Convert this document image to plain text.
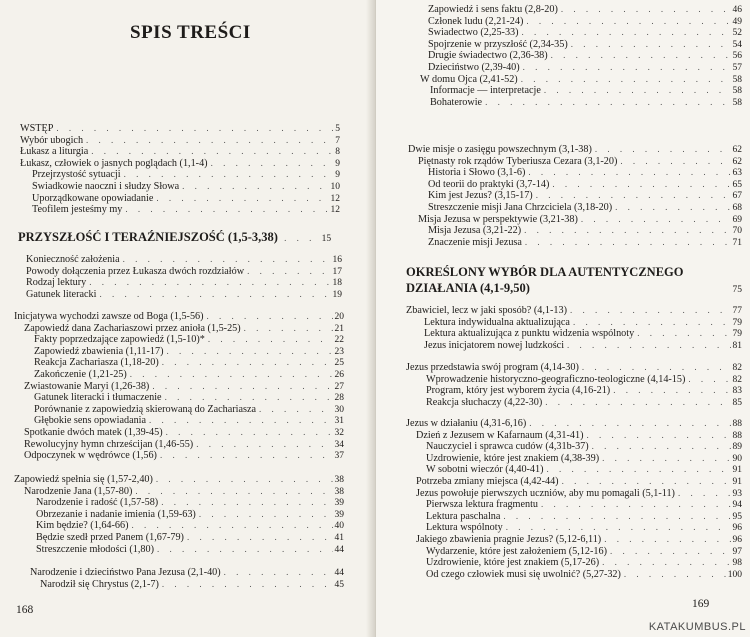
SPIS TREŚCI
WSTĘP . . .	5
Wybór ubogich . . .	7
Łukasz a liturgia . . .	8
Łukasz, człowiek o jasnych poglądach (1,1-4) . . .	9
Przejrzystość sytuacji . . .	9
Świadkowie naoczni i słudzy Słowa . . .	10
Uporządkowane opowiadanie . . .	12
Teofilem jesteśmy my . . .	12
PRZYSZŁOŚĆ I TERAŹNIEJSZOŚĆ (1,5-3,38) . . . 15
Konieczność założenia . . .	16
Powody dołączenia przez Łukasza dwóch rozdziałów . . .	17
Rodzaj lektury . . .	18
Gatunek literacki . . .	19
Inicjatywa wychodzi zawsze od Boga (1,5-56) . . .	20
Zapowiedź dana Zachariaszowi przez anioła (1,5-25) . . .	21
Fakty poprzedzające zapowiedź (1,5-10)* . . .	22
Zapowiedź zbawienia (1,11-17) . . .	23
Reakcja Zachariasza (1,18-20) . . .	25
Zakończenie (1,21-25) . . .	26
Zwiastowanie Maryi (1,26-38) . . .	27
Gatunek literacki i tłumaczenie . . .	28
Porównanie z zapowiedzią skierowaną do Zachariasza . . .	30
Głębokie sens opowiadania . . .	31
Spotkanie dwóch matek (1,39-45) . . .	32
Rewolucyjny hymn chrześcijan (1,46-55) . . .	34
Odpoczynek w wędrówce (1,56) . . .	37
Zapowiedź spełnia się (1,57-2,40) . . .	38
Narodzenie Jana (1,57-80) . . .	38
Narodzenie i radość (1,57-58) . . .	39
Obrzezanie i nadanie imienia (1,59-63) . . .	39
Kim będzie? (1,64-66) . . .	40
Będzie szedł przed Panem (1,67-79) . . .	41
Streszczenie młodości (1,80) . . .	44
Narodzenie i dzieciństwo Pana Jezusa (2,1-40) . . .	44
Narodził się Chrystus (2,1-7) . . .	45
168
Zapowiedź i sens faktu (2,8-20) . . .	46
Członek ludu (2,21-24) . . .	49
Świadectwo (2,25-33) . . .	52
Spojrzenie w przyszłość (2,34-35) . . .	54
Drugie świadectwo (2,36-38) . . .	56
Dzieciństwo (2,39-40) . . .	57
W domu Ojca (2,41-52) . . .	58
Informacje — interpretacje . . .	58
Bohaterowie . . .	58
Dwie misje o zasięgu powszechnym (3,1-38) . . .	62
Piętnasty rok rządów Tyberiusza Cezara (3,1-20) . . .	62
Historia i Słowo (3,1-6) . . .	63
Od teorii do praktyki (3,7-14) . . .	65
Kim jest Jezus? (3,15-17) . . .	67
Streszczenie misji Jana Chrzciciela (3,18-20) . . .	68
Misja Jezusa w perspektywie (3,21-38) . . .	69
Misja Jezusa (3,21-22) . . .	70
Znaczenie misji Jezusa . . .	71
OKREŚLONY WYBÓR DLA AUTENTYCZNEGO
DZIAŁANIA (4,1-9,50)	75
Zbawiciel, lecz w jaki sposób? (4,1-13) . . .	77
Lektura indywidualna aktualizująca . . .	79
Lektura aktualizująca z punktu widzenia wspólnoty . . .	79
Jezus inicjatorem nowej ludzkości . . .	81
Jezus przedstawia swój program (4,14-30) . . .	82
Wprowadzenie historyczno-geograficzno-teologiczne (4,14-15) . . .	82
Program, który jest wyborem życia (4,16-21) . . .	83
Reakcja słuchaczy (4,22-30) . . .	85
Jezus w działaniu (4,31-6,16) . . .	88
Dzień z Jezusem w Kafarnaum (4,31-41) . . .	88
Nauczyciel i sprawca cudów (4,31b-37) . . .	89
Uzdrowienie, które jest znakiem (4,38-39) . . .	90
W sobotni wieczór (4,40-41) . . .	91
Potrzeba zmiany miejsca (4,42-44) . . .	91
Jezus powołuje pierwszych uczniów, aby mu pomagali (5,1-11) . . .	93
Pierwsza lektura fragmentu . . .	94
Lektura paschalna . . .	95
Lektura wspólnoty . . .	96
Jakiego zbawienia pragnie Jezus? (5,12-6,11) . . .	96
Wydarzenie, które jest założeniem (5,12-16) . . .	97
Uzdrowienie, które jest znakiem (5,17-26) . . .	98
Od czego człowiek musi się uwolnić? (5,27-32) . . .	100
169
KATAKUMBUS.PL
